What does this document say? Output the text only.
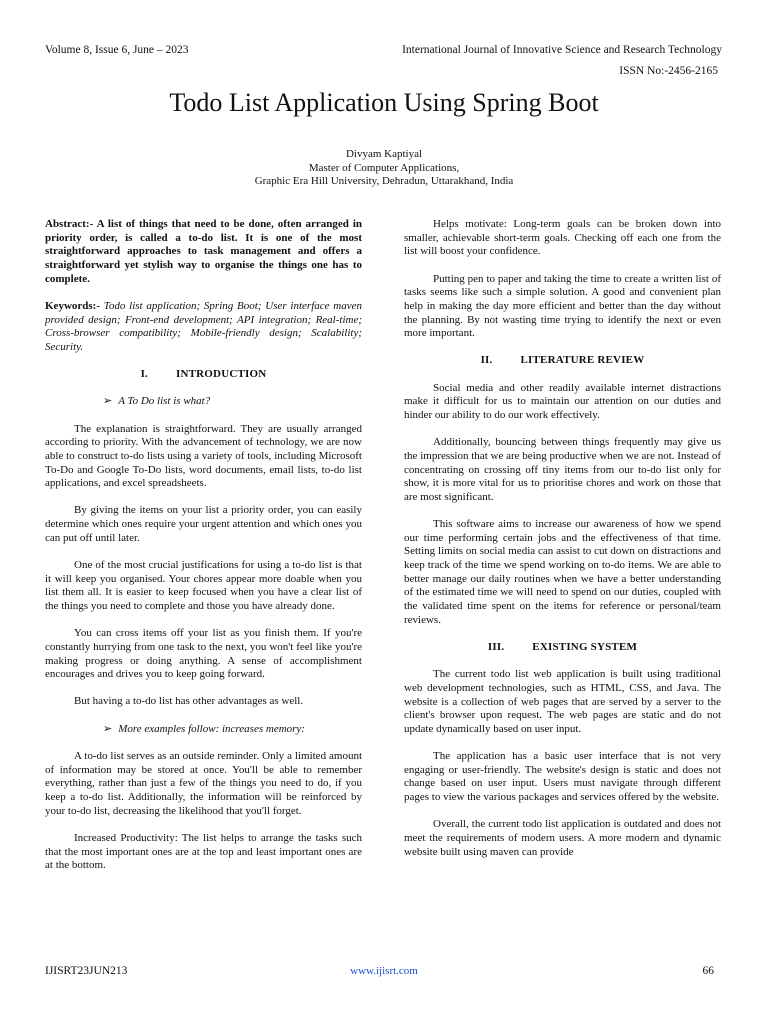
Volume 8, Issue 6, June – 2023	International Journal of Innovative Science and Research Technology
ISSN No:-2456-2165
Todo List Application Using Spring Boot
Divyam Kaptiyal
Master of Computer Applications,
Graphic Era Hill University, Dehradun, Uttarakhand, India

Abstract:- A list of things that need to be done, often arranged in priority order, is called a to-do list. It is one of the most straightforward approaches to task management and offers a straightforward yet stylish way to organise the things one has to complete.

Keywords:- Todo list application; Spring Boot; User interface maven provided design; Front-end development; API integration; Real-time; Cross-browser compatibility; Mobile-friendly design; Scalability; Security.

I.	INTRODUCTION

➢ A To Do list is what?

The explanation is straightforward. They are usually arranged according to priority. With the advancement of technology, we are now able to construct to-do lists using a variety of tools, including Microsoft To-Do and Google To-Do lists, word documents, email lists, to-do list applications, and excel spreadsheets.

By giving the items on your list a priority order, you can easily determine which ones require your urgent attention and which ones you can put off until later.

One of the most crucial justifications for using a to-do list is that it will keep you organised. Your chores appear more doable when you list them all. It is easier to keep focused when you have a clear list of the things you need to complete and those you have already done.

You can cross items off your list as you finish them. If you're constantly hurrying from one task to the next, you won't feel like you're making progress or doing anything. A sense of accomplishment encourages and drives you to keep going forward.

But having a to-do list has other advantages as well.

➢ More examples follow: increases memory:

A to-do list serves as an outside reminder. Only a limited amount of information may be stored at once. You'll be able to remember everything, rather than just a few of the things you need to do, if you keep a to-do list. Additionally, the information will be reinforced by your to-do list, decreasing the likelihood that you'll forget.

Increased Productivity: The list helps to arrange the tasks such that the most important ones are at the top and least important ones are at the bottom.

Helps motivate: Long-term goals can be broken down into smaller, achievable short-term goals. Checking off each one from the list will boost your confidence.

Putting pen to paper and taking the time to create a written list of tasks seems like such a simple solution. A good and convenient plan help in making the day more efficient and better than the day without the planning. By not wasting time trying to identify the next or even more important.

II.	LITERATURE REVIEW

Social media and other readily available internet distractions make it difficult for us to maintain our attention on our duties and hinder our ability to do our work effectively.

Additionally, bouncing between things frequently may give us the impression that we are being productive when we are not. Instead of concentrating on crossing off tiny items from our to-do list only for show, it is more vital for us to prioritise chores and work on those that are most significant.

This software aims to increase our awareness of how we spend our time performing certain jobs and the effectiveness of that time. Setting limits on social media can assist to cut down on distractions and keep track of the time we spend working on to-do items. We are able to better manage our daily routines when we have a better understanding of the estimated time we will need to spend on our duties, coupled with the validated time spent on the items for reference or personal/team reviews.

III.	EXISTING SYSTEM

The current todo list web application is built using traditional web development technologies, such as HTML, CSS, and Java. The website is a collection of web pages that are served by a server to the client's browser upon request. The web pages are static and do not update dynamically based on user input.

The application has a basic user interface that is not very engaging or user-friendly. The website's design is static and does not change based on user input. Users must navigate through different pages to view the various packages and services offered by the website.

Overall, the current todo list application is outdated and does not meet the requirements of modern users. A more modern and dynamic website built using maven can provide

IJISRT23JUN213	www.ijisrt.com	66
